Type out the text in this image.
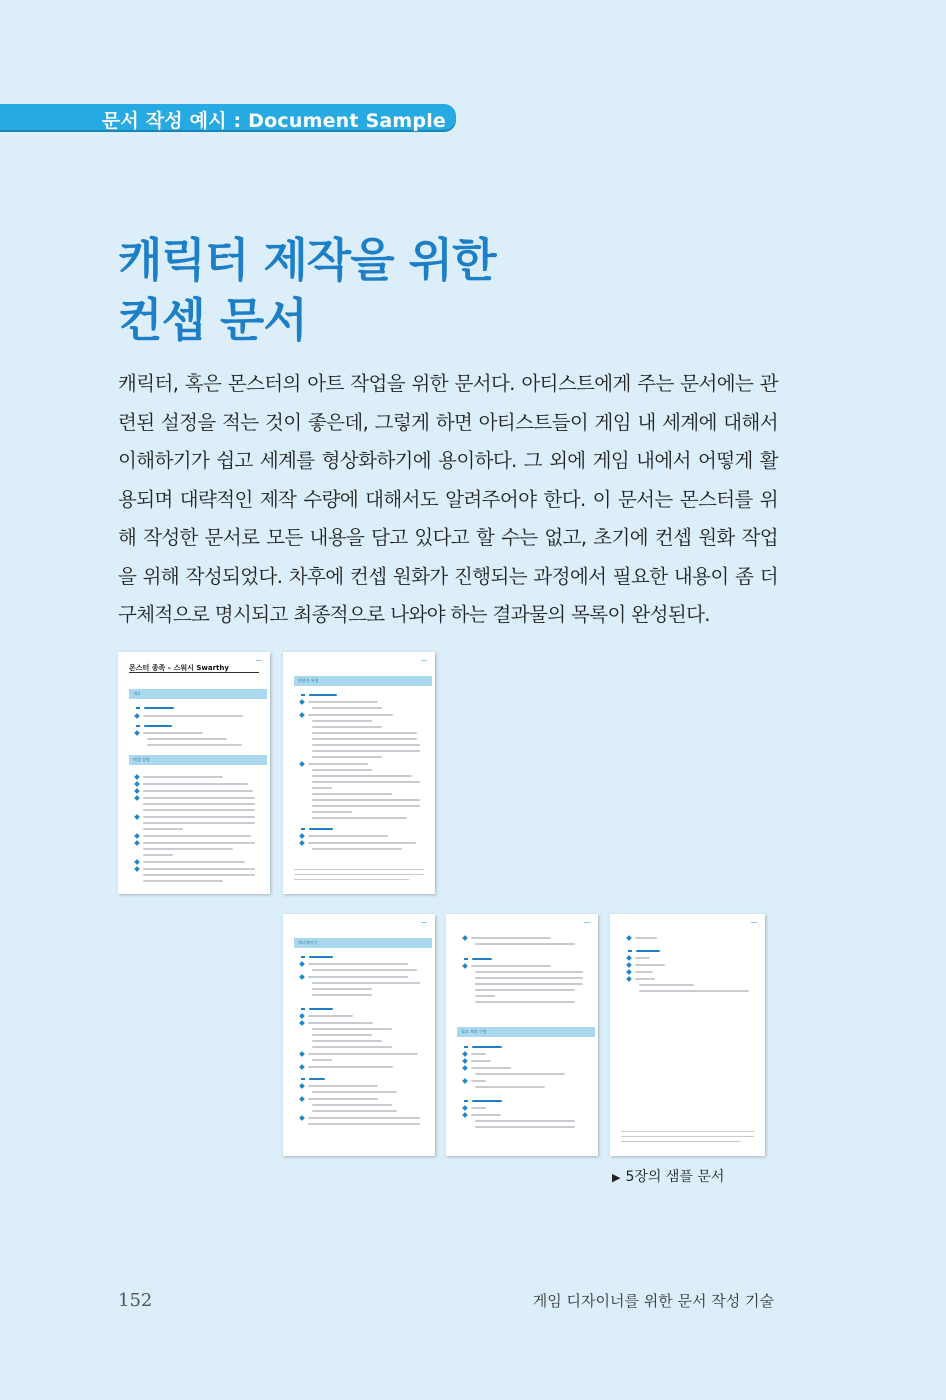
문서 작성 예시 : Document Sample
캐릭터 제작을 위한
컨셉 문서
캐릭터, 혹은 몬스터의 아트 작업을 위한 문서다. 아티스트에게 주는 문서에는 관련된 설정을 적는 것이 좋은데, 그렇게 하면 아티스트들이 게임 내 세계에 대해서 이해하기가 쉽고 세계를 형상화하기에 용이하다. 그 외에 게임 내에서 어떻게 활용되며 대략적인 제작 수량에 대해서도 알려주어야 한다. 이 문서는 몬스터를 위해 작성한 문서로 모든 내용을 담고 있다고 할 수는 없고, 초기에 컨셉 원화 작업을 위해 작성되었다. 차후에 컨셉 원화가 진행되는 과정에서 필요한 내용이 좀 더 구체적으로 명시되고 최종적으로 나와야 하는 결과물의 목록이 완성된다.
몬스터 종족 – 스워시 Swarthy
개요
배경 설정
외형적 특징
애니메이션
필요 제작 수량
▶ 5장의 샘플 문서
152	게임 디자이너를 위한 문서 작성 기술
